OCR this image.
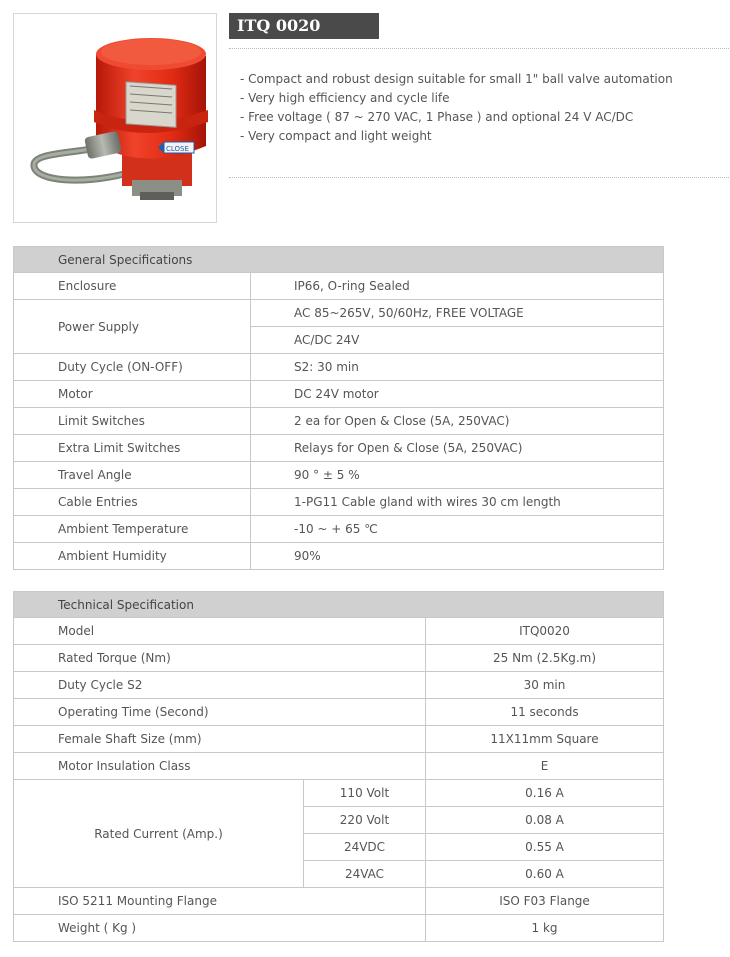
CLOSE
ITQ 0020
- Compact and robust design suitable for small 1" ball valve automation
- Very high efficiency and cycle life
- Free voltage ( 87 ~ 270 VAC, 1 Phase ) and optional 24 V AC/DC
- Very compact and light weight
General Specifications	
Enclosure	IP66, O-ring Sealed
Power Supply	AC 85~265V, 50/60Hz, FREE VOLTAGE
	AC/DC 24V
Duty Cycle (ON-OFF)	S2: 30 min
Motor	DC 24V motor
Limit Switches	2 ea for Open & Close (5A, 250VAC)
Extra Limit Switches	Relays for Open & Close (5A, 250VAC)
Travel Angle	90 ° ± 5 %
Cable Entries	1-PG11 Cable gland with wires 30 cm length
Ambient Temperature	-10 ~ + 65 ℃
Ambient Humidity	90%
Technical Specification		
Model		ITQ0020
Rated Torque (Nm)		25 Nm (2.5Kg.m)
Duty Cycle S2		30 min
Operating Time (Second)		11 seconds
Female Shaft Size (mm)		11X11mm Square
Motor Insulation Class		E
Rated Current (Amp.)	110 Volt	0.16 A
	220 Volt	0.08 A
	24VDC	0.55 A
	24VAC	0.60 A
ISO 5211 Mounting Flange		ISO F03 Flange
Weight ( Kg )		1 kg
